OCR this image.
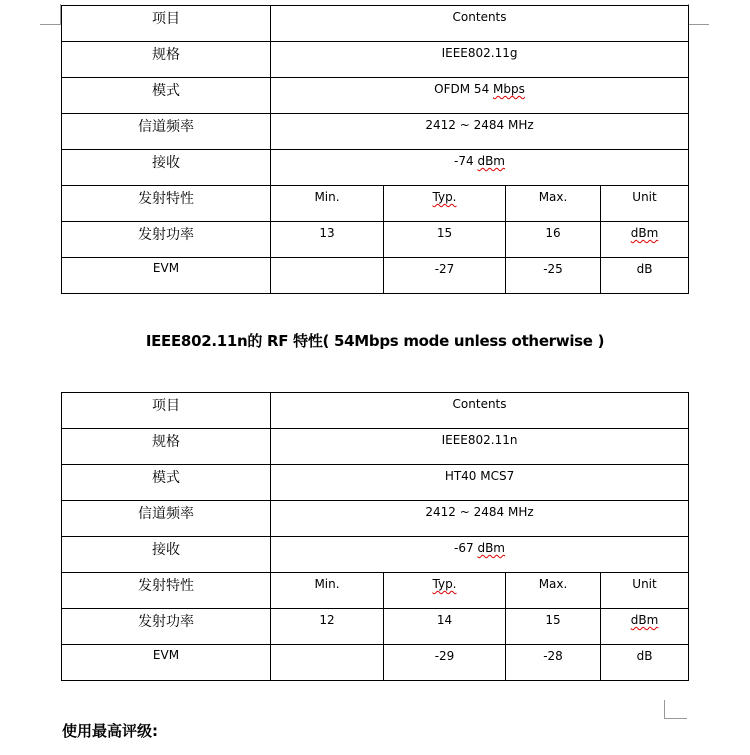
项目	Contents			
规格	IEEE802.11g			
模式	OFDM 54 Mbps			
信道频率	2412 ~ 2484 MHz			
接收	-74 dBm			
发射特性	Min.	Typ.	Max.	Unit
发射功率	13	15	16	dBm
EVM		-27	-25	dB
IEEE802.11n的 RF 特性( 54Mbps mode unless otherwise )
项目	Contents			
规格	IEEE802.11n			
模式	HT40 MCS7			
信道频率	2412 ~ 2484 MHz			
接收	-67 dBm			
发射特性	Min.	Typ.	Max.	Unit
发射功率	12	14	15	dBm
EVM		-29	-28	dB
使用最高评级:
